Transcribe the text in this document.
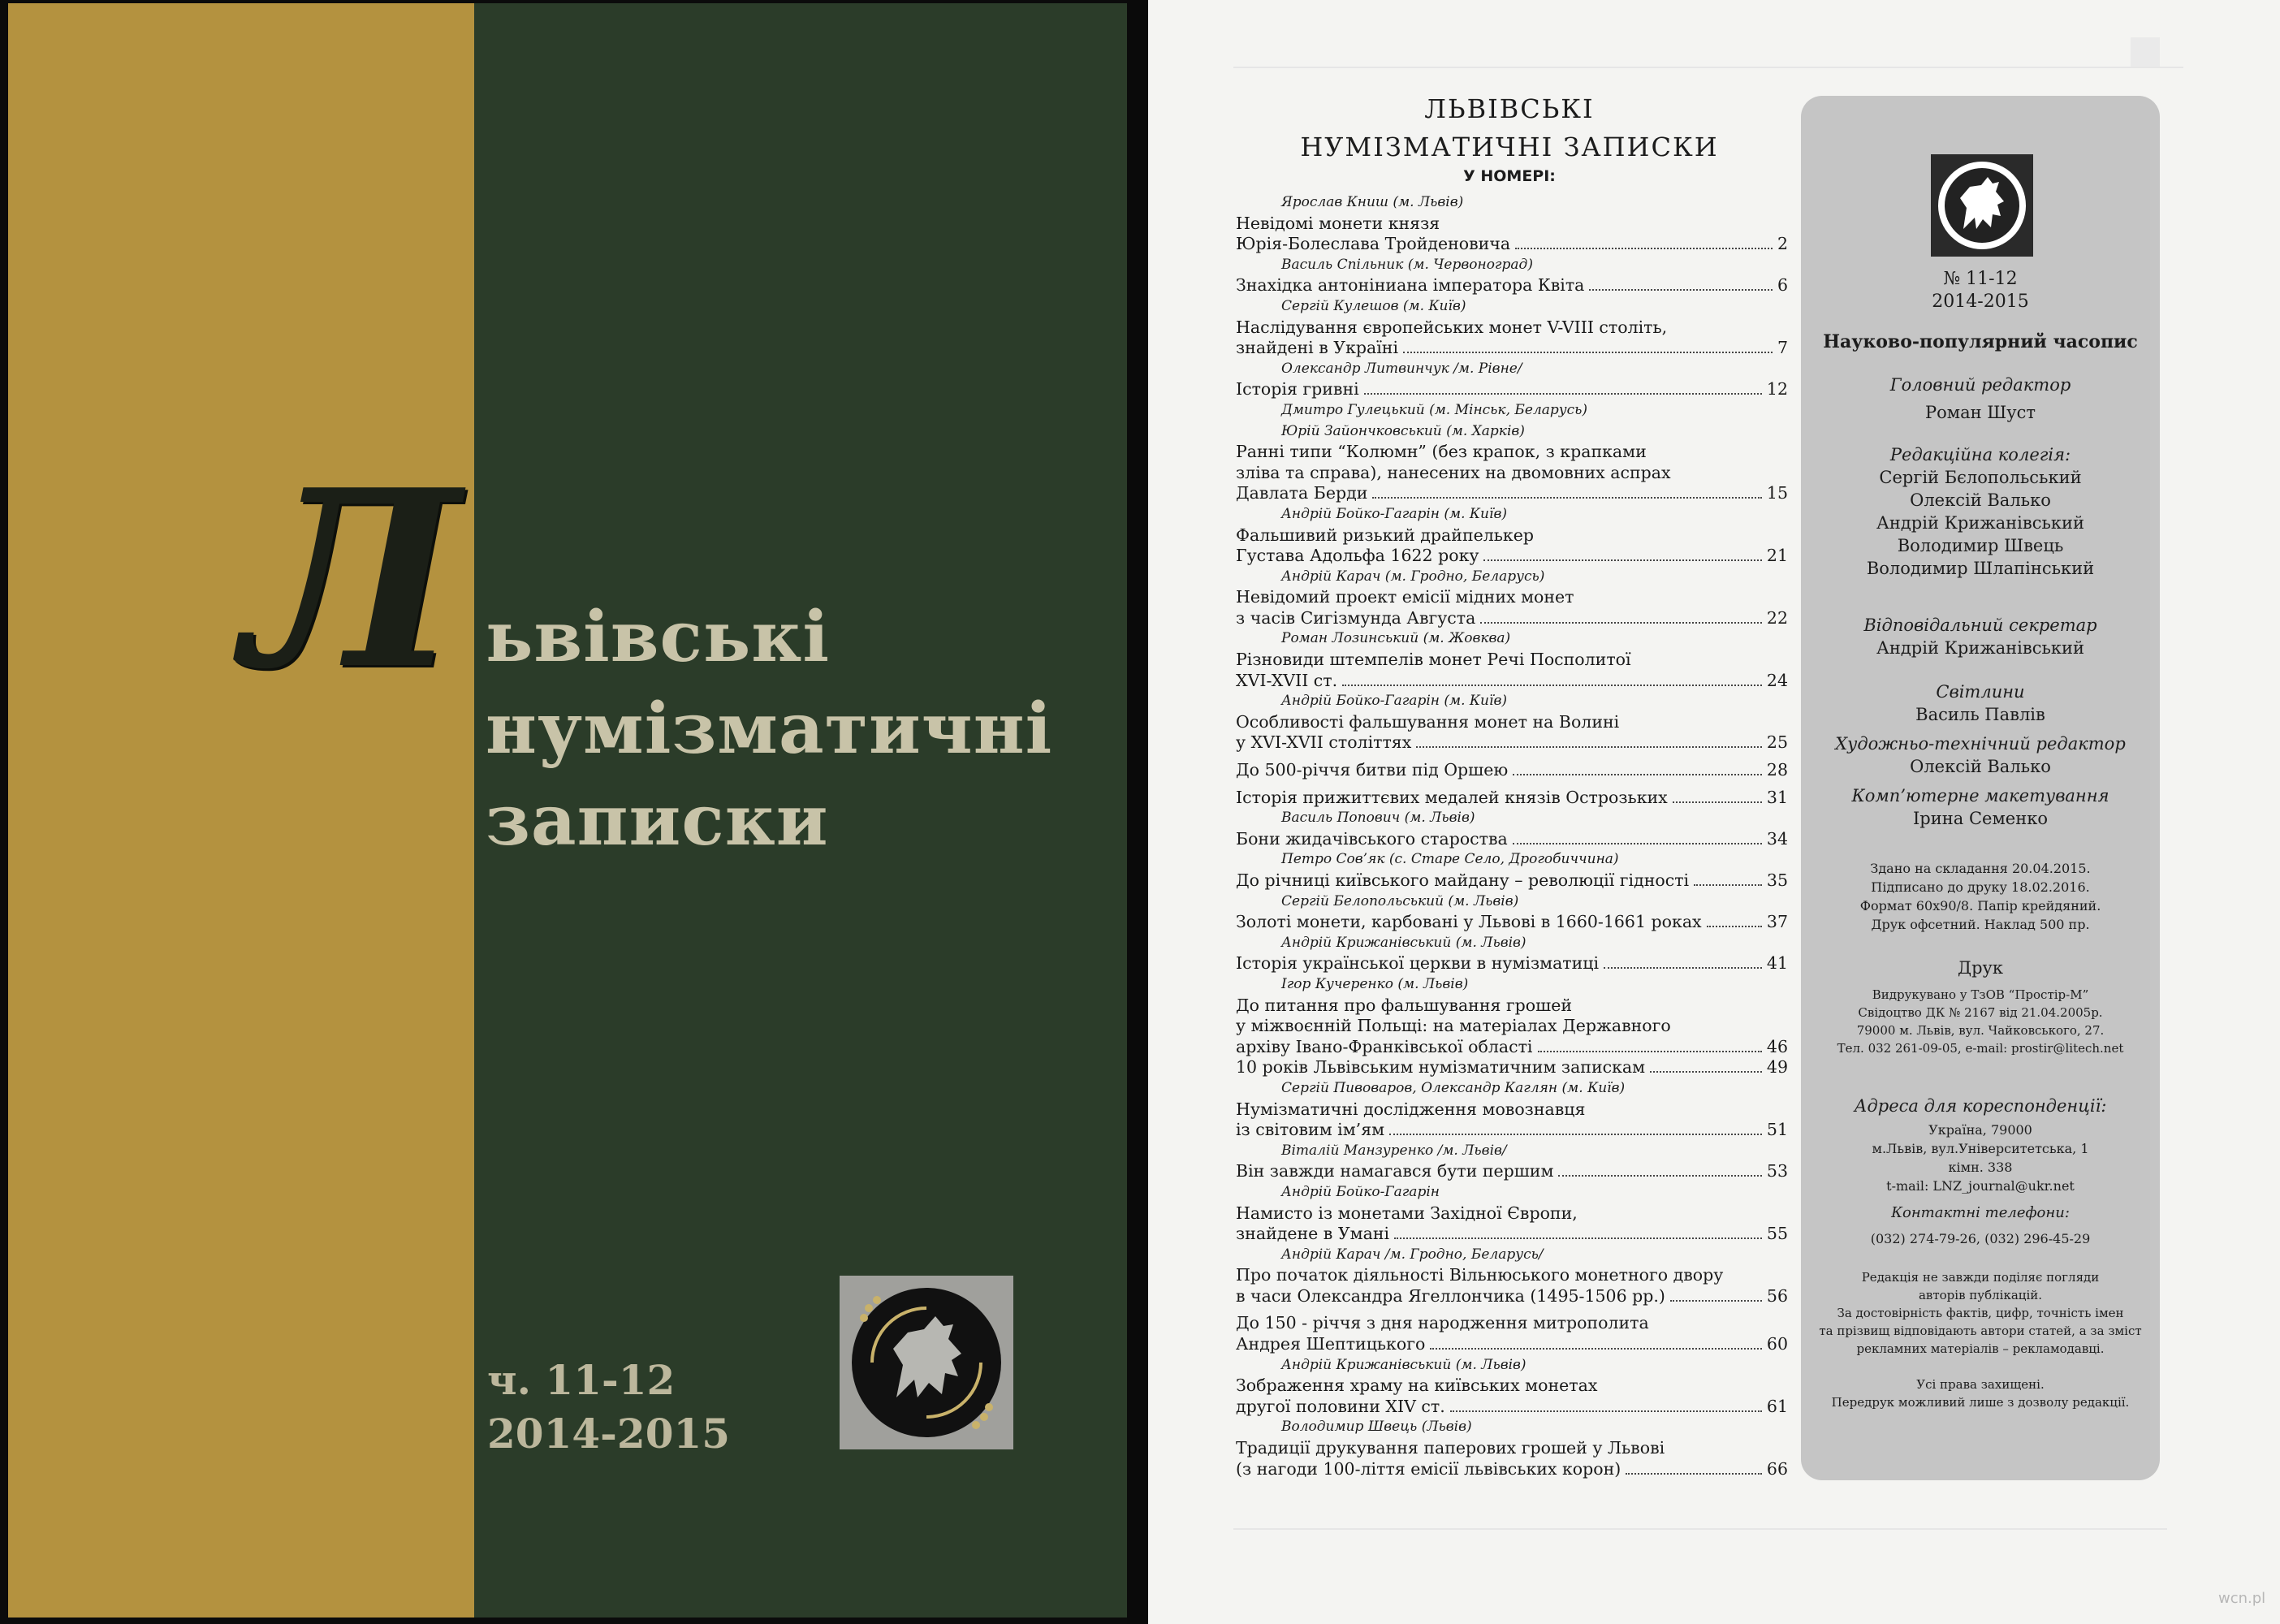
Л ьвівські
нумізматичні
записки
ч. 11-12
2014-2015
ЛЬВІВСЬКІ
НУМІЗМАТИЧНІ ЗАПИСКИ
У НОМЕРІ:
Ярослав Книш (м. Львів)
Невідомі монети князя
Юрія-Болеслава Тройденовича	2
Василь Спільник (м. Червоноград)
Знахідка антоніниана імператора Квіта	6
Сергій Кулешов (м. Київ)
Наслідування європейських монет V-VIII століть,
знайдені в Україні	7
Олександр Литвинчук /м. Рівне/
Історія гривні	12
Дмитро Гулецький (м. Мінськ, Беларусь)
Юрій Зайончковський (м. Харків)
Ранні типи “Колюмн” (без крапок, з крапками
зліва та справа), нанесених на двомовних аспрах
Давлата Берди	15
Андрій Бойко-Гагарін (м. Київ)
Фальшивий ризький драйпелькер
Густава Адольфа 1622 року	21
Андрій Карач (м. Гродно, Беларусь)
Невідомий проект емісії мідних монет
з часів Сигізмунда Августа	22
Роман Лозинський (м. Жовква)
Різновиди штемпелів монет Речі Посполитої
XVI-XVII ст.	24
Андрій Бойко-Гагарін (м. Київ)
Особливості фальшування монет на Волині
у XVI-XVII століттях	25
До 500-річчя битви під Оршею	28
Історія прижиттєвих медалей князів Острозьких	31
Василь Попович (м. Львів)
Бони жидачівського староства	34
Петро Сов’як (с. Старе Село, Дрогобиччина)
До річниці київського майдану – революції гідності	35
Сергій Белопольський (м. Львів)
Золоті монети, карбовані у Львові в 1660-1661 роках	37
Андрій Крижанівський (м. Львів)
Історія української церкви в нумізматиці	41
Ігор Кучеренко (м. Львів)
До питання про фальшування грошей
у міжвоєнній Польщі: на матеріалах Державного
архіву Івано-Франківської області	46
10 років Львівським нумізматичним запискам	49
Сергій Пивоваров, Олександр Каглян (м. Київ)
Нумізматичні дослідження мовознавця
із світовим ім’ям	51
Віталій Манзуренко /м. Львів/
Він завжди намагався бути першим	53
Андрій Бойко-Гагарін
Намисто із монетами Західної Європи,
знайдене в Умані	55
Андрій Карач /м. Гродно, Беларусь/
Про початок діяльності Вільнюського монетного двору
в часи Олександра Ягеллончика (1495-1506 рр.)	56
До 150 - річчя з дня народження митрополита
Андрея Шептицького	60
Андрій Крижанівський (м. Львів)
Зображення храму на київських монетах
другої половини XIV ст.	61
Володимир Швець (Львів)
Традиції друкування паперових грошей у Львові
(з нагоди 100-ліття емісії львівських корон)	66
№ 11-12
2014-2015
Науково-популярний часопис
Головний редактор
Роман Шуст
Редакційна колегія:
Сергій Бєлопольський
Олексій Валько
Андрій Крижанівський
Володимир Швець
Володимир Шлапінський
Відповідальний секретар
Андрій Крижанівський
Світлини
Василь Павлів
Художньо-технічний редактор
Олексій Валько
Комп’ютерне макетування
Ірина Семенко
Здано на складання 20.04.2015.
Підписано до друку 18.02.2016.
Формат 60х90/8. Папір крейдяний.
Друк офсетний. Наклад 500 пр.
Друк
Видрукувано у ТзОВ “Простір-М”
Свідоцтво ДК № 2167 від 21.04.2005р.
79000 м. Львів, вул. Чайковського, 27.
Тел. 032 261-09-05, e-mail: prostir@litech.net
Адреса для кореспонденції:
Україна, 79000
м.Львів, вул.Університетська, 1
кімн. 338
t-mail: LNZ_journal@ukr.net
Контактні телефони:
(032) 274-79-26, (032) 296-45-29
Редакція не завжди поділяє погляди
авторів публікацій.
За достовірність фактів, цифр, точність імен
та прізвищ відповідають автори статей, а за зміст
рекламних матеріалів – рекламодавці.
Усі права захищені.
Передрук можливий лише з дозволу редакції.
wcn.pl
